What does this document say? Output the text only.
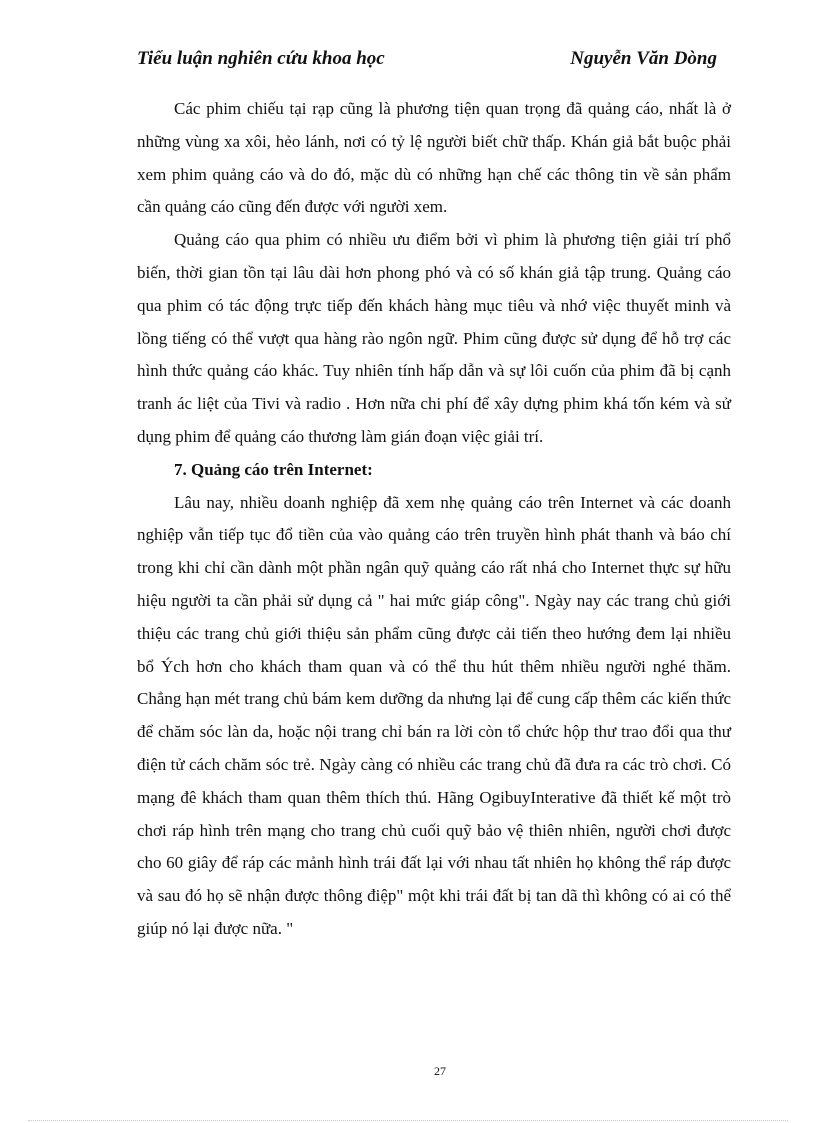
Tiểu luận nghiên cứu khoa học	Nguyễn Văn Dòng

Các phim chiếu tại rạp cũng là phương tiện quan trọng đã quảng cáo, nhất là ở những vùng xa xôi, hẻo lánh, nơi có tỷ lệ người biết chữ thấp. Khán giả bắt buộc phải xem phim quảng cáo và do đó, mặc dù có những hạn chế các thông tin về sản phẩm cần quảng cáo cũng đến được với người xem.

Quảng cáo qua phim có nhiều ưu điểm bởi vì phim là phương tiện giải trí phổ biến, thời gian tồn tại lâu dài hơn phong phó và có số khán giả tập trung. Quảng cáo qua phim có tác động trực tiếp đến khách hàng mục tiêu và nhớ việc thuyết minh và lồng tiếng có thể vượt qua hàng rào ngôn ngữ. Phim cũng được sử dụng để hỗ trợ các hình thức quảng cáo khác. Tuy nhiên tính hấp dẫn và sự lôi cuốn của phim đã bị cạnh tranh ác liệt của Tivi và radio . Hơn nữa chi phí để xây dựng phim khá tốn kém và sử dụng phim để quảng cáo thương làm gián đoạn việc giải trí.

7. Quảng cáo trên Internet:

Lâu nay, nhiều doanh nghiệp đã xem nhẹ quảng cáo trên Internet và các doanh nghiệp vẫn tiếp tục đổ tiền của vào quảng cáo trên truyền hình phát thanh và báo chí trong khi chỉ cần dành một phần ngân quỹ quảng cáo rất nhá cho Internet thực sự hữu hiệu người ta cần phải sử dụng cả " hai mức giáp công". Ngày nay các trang chủ giới thiệu các trang chủ giới thiệu sản phẩm cũng được cải tiến theo hướng đem lại nhiều bổ Ých hơn cho khách tham quan và có thể thu hút thêm nhiều người nghé thăm. Chẳng hạn mét trang chủ bám kem dưỡng da nhưng lại để cung cấp thêm các kiến thức để chăm sóc làn da, hoặc nội trang chỉ bán ra lời còn tổ chức hộp thư trao đổi qua thư điện tử cách chăm sóc trẻ. Ngày càng có nhiều các trang chủ đã đưa ra các trò chơi. Có mạng đê khách tham quan thêm thích thú. Hãng OgibuyInterative đã thiết kế một trò chơi ráp hình trên mạng cho trang chủ cuối quỹ bảo vệ thiên nhiên, người chơi được cho 60 giây để ráp các mảnh hình trái đất lại với nhau tất nhiên họ không thể ráp được và sau đó họ sẽ nhận được thông điệp" một khi trái đất bị tan dã thì không có ai có thể giúp nó lại được nữa. "

27
